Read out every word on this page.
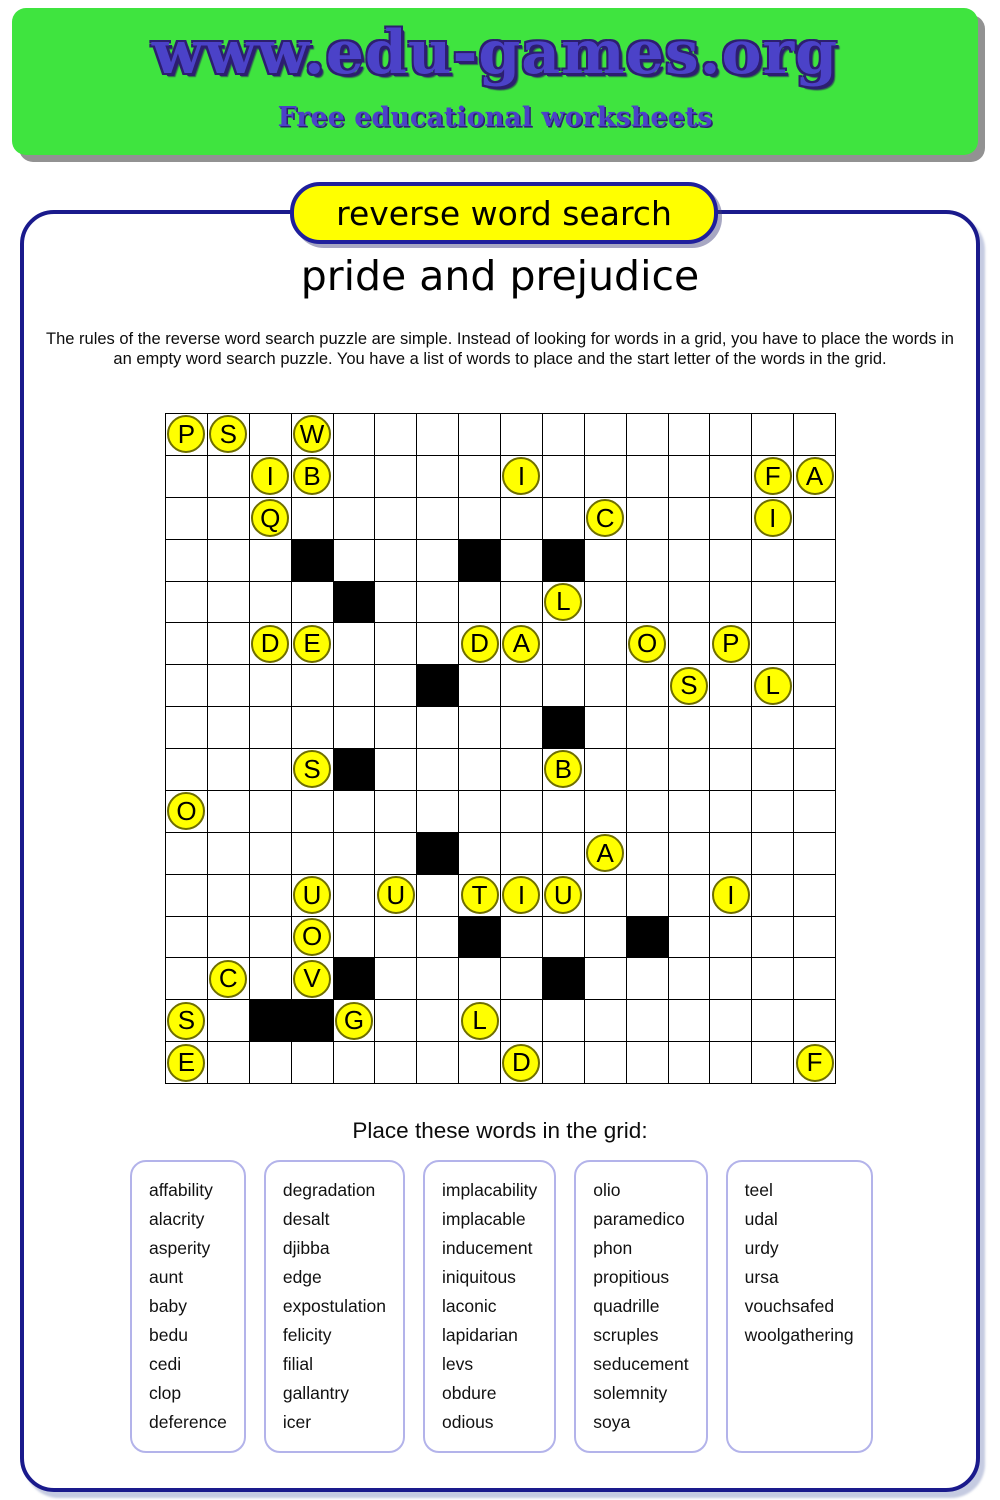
www.edu-games.org
Free educational worksheets
reverse word search
pride and prejudice
The rules of the reverse word search puzzle are simple. Instead of looking for words in a grid, you have to place the words in an empty word search puzzle. You have a list of words to place and the start letter of the words in the grid.
P S	W
I	B	I	F A
Q	C	I
L
D E	D A	O	P
S	L
S	B
O
A
U	U	T	I	U	I
O
C	V
S	G	L
E	D	F
Place these words in the grid:
affability
alacrity
asperity
aunt
baby
bedu
cedi
clop
deference
degradation
desalt
djibba
edge
expostulation
felicity
filial
gallantry
icer
implacability
implacable
inducement
iniquitous
laconic
lapidarian
levs
obdure
odious
olio
paramedico
phon
propitious
quadrille
scruples
seducement
solemnity
soya
teel
udal
urdy
ursa
vouchsafed
woolgathering
